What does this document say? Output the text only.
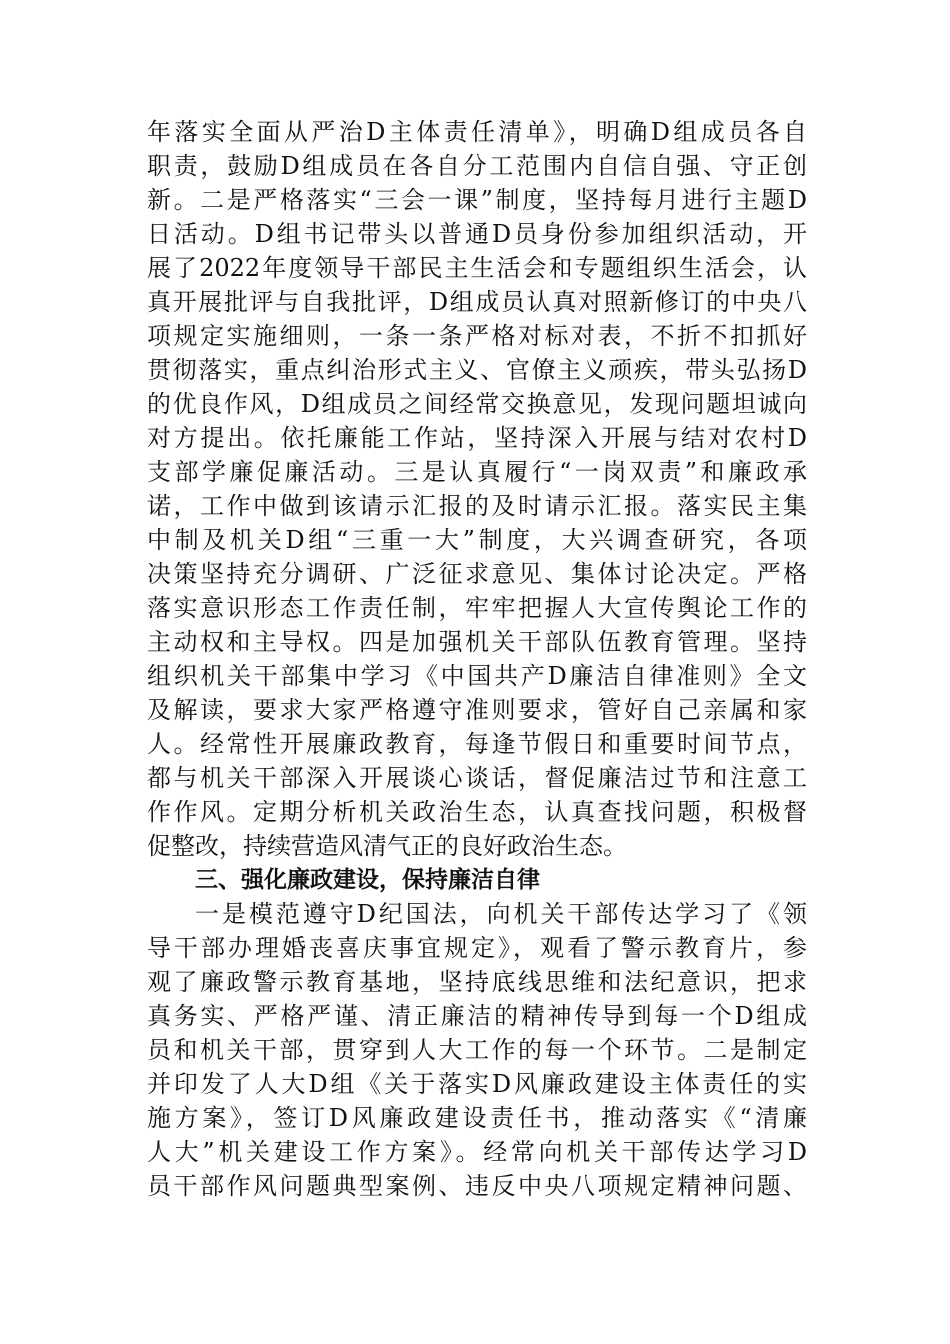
年落实全面从严治D主体责任清单》，明确D组成员各自
职责，鼓励D组成员在各自分工范围内自信自强、守正创
新。二是严格落实“三会一课”制度，坚持每月进行主题D
日活动。D组书记带头以普通D员身份参加组织活动，开
展了2022年度领导干部民主生活会和专题组织生活会，认
真开展批评与自我批评，D组成员认真对照新修订的中央八
项规定实施细则，一条一条严格对标对表，不折不扣抓好
贯彻落实，重点纠治形式主义、官僚主义顽疾，带头弘扬D
的优良作风，D组成员之间经常交换意见，发现问题坦诚向
对方提出。依托廉能工作站，坚持深入开展与结对农村D
支部学廉促廉活动。三是认真履行“一岗双责”和廉政承
诺，工作中做到该请示汇报的及时请示汇报。落实民主集
中制及机关D组“三重一大”制度，大兴调查研究，各项
决策坚持充分调研、广泛征求意见、集体讨论决定。严格
落实意识形态工作责任制，牢牢把握人大宣传舆论工作的
主动权和主导权。四是加强机关干部队伍教育管理。坚持
组织机关干部集中学习《中国共产D廉洁自律准则》全文
及解读，要求大家严格遵守准则要求，管好自己亲属和家
人。经常性开展廉政教育，每逢节假日和重要时间节点，
都与机关干部深入开展谈心谈话，督促廉洁过节和注意工
作作风。定期分析机关政治生态，认真查找问题，积极督
促整改，持续营造风清气正的良好政治生态。
三、强化廉政建设，保持廉洁自律
一是模范遵守D纪国法，向机关干部传达学习了《领
导干部办理婚丧喜庆事宜规定》，观看了警示教育片，参
观了廉政警示教育基地，坚持底线思维和法纪意识，把求
真务实、严格严谨、清正廉洁的精神传导到每一个D组成
员和机关干部，贯穿到人大工作的每一个环节。二是制定
并印发了人大D组《关于落实D风廉政建设主体责任的实
施方案》，签订D风廉政建设责任书，推动落实《“清廉
人大”机关建设工作方案》。经常向机关干部传达学习D
员干部作风问题典型案例、违反中央八项规定精神问题、
